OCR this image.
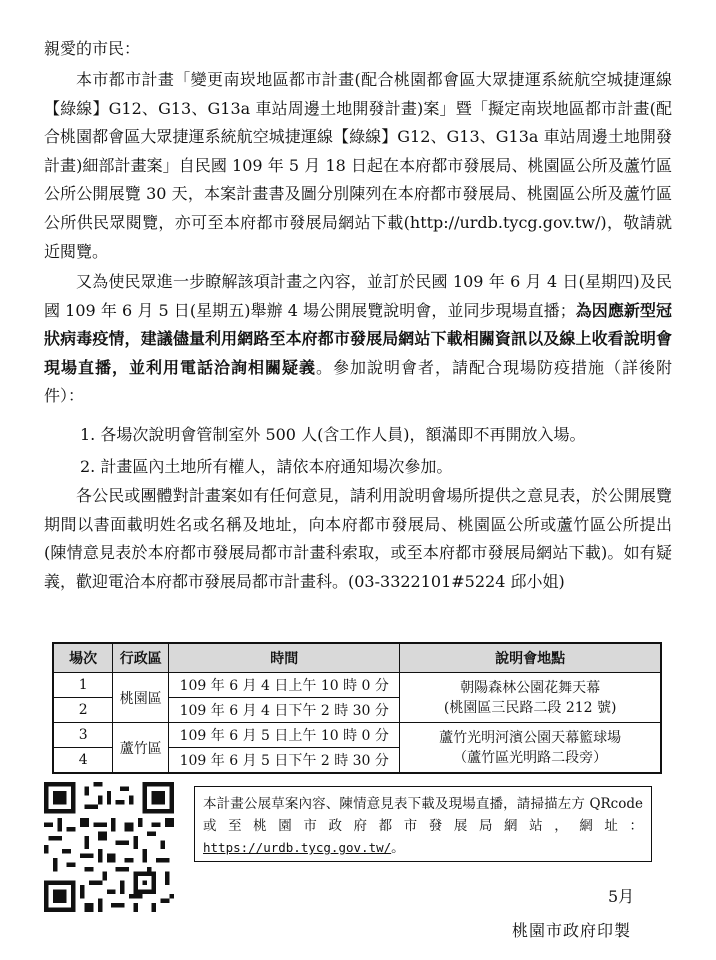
親愛的市民：

本市都市計畫「變更南崁地區都市計畫(配合桃園都會區大眾捷運系統航空城捷運線【綠線】G12、G13、G13a 車站周邊土地開發計畫)案」暨「擬定南崁地區都市計畫(配合桃園都會區大眾捷運系統航空城捷運線【綠線】G12、G13、G13a 車站周邊土地開發計畫)細部計畫案」自民國 109 年 5 月 18 日起在本府都市發展局、桃園區公所及蘆竹區公所公開展覽 30 天，本案計畫書及圖分別陳列在本府都市發展局、桃園區公所及蘆竹區公所供民眾閱覽，亦可至本府都市發展局網站下載(http://urdb.tycg.gov.tw/)，敬請就近閱覽。

又為使民眾進一步瞭解該項計畫之內容，並訂於民國 109 年 6 月 4 日(星期四)及民國 109 年 6 月 5 日(星期五)舉辦 4 場公開展覽說明會，並同步現場直播；為因應新型冠狀病毒疫情，建議儘量利用網路至本府都市發展局網站下載相關資訊以及線上收看說明會現場直播，並利用電話洽詢相關疑義。參加說明會者，請配合現場防疫措施（詳後附件）：

1. 各場次說明會管制室外 500 人(含工作人員)，額滿即不再開放入場。
2. 計畫區內土地所有權人，請依本府通知場次參加。

各公民或團體對計畫案如有任何意見，請利用說明會場所提供之意見表，於公開展覽期間以書面載明姓名或名稱及地址，向本府都市發展局、桃園區公所或蘆竹區公所提出(陳情意見表於本府都市發展局都市計畫科索取，或至本府都市發展局網站下載)。如有疑義，歡迎電洽本府都市發展局都市計畫科。(03-3322101#5224 邱小姐)

場次	行政區	時間	說明會地點
1	桃園區	109 年 6 月 4 日上午 10 時 0 分	朝陽森林公園花舞天幕
(桃園區三民路二段 212 號)

2		109 年 6 月 4 日下午 2 時 30 分	
3	蘆竹區	109 年 6 月 5 日上午 10 時 0 分	蘆竹光明河濱公園天幕籃球場
（蘆竹區光明路二段旁）

4		109 年 6 月 5 日下午 2 時 30 分	
本計畫公展草案內容、陳情意見表下載及現場直播，請掃描左方 QRcode 或至桃園市政府都市發展局網站，網址：https://urdb.tycg.gov.tw/。
5月
桃園市政府印製
